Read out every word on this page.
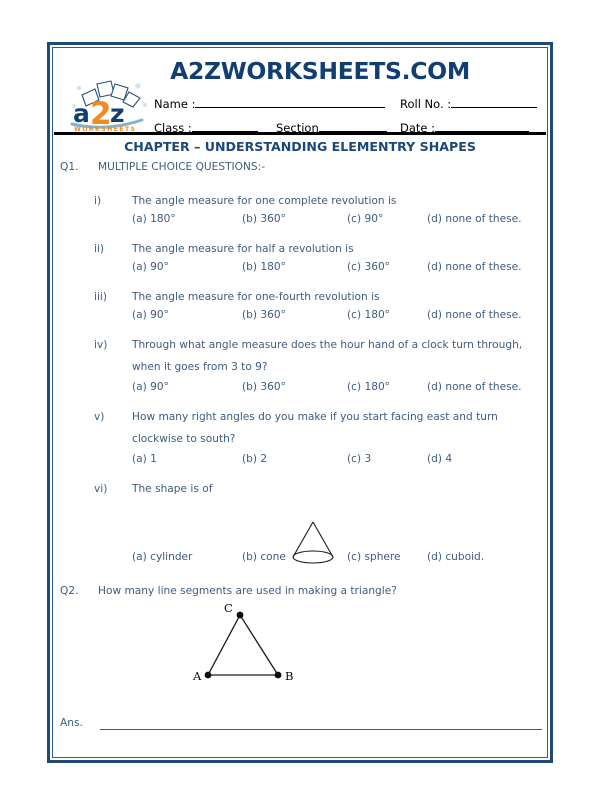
A2ZWORKSHEETS.COM
a 2
z
WORKSHEETS
Name :	Roll No. :
Class :	Section	Date :
CHAPTER – UNDERSTANDING ELEMENTRY SHAPES
Q1. MULTIPLE CHOICE QUESTIONS:-
i)	The angle measure for one complete revolution is
(a) 180°	(b) 360°	(c) 90°	(d) none of these.
ii)	The angle measure for half a revolution is
(a) 90°	(b) 180°	(c) 360°	(d) none of these.
iii) The angle measure for one-fourth revolution is
(a) 90°	(b) 360°	(c) 180°	(d) none of these.
iv) Through what angle measure does the hour hand of a clock turn through,
when it goes from 3 to 9?
(a) 90°	(b) 360°	(c) 180°	(d) none of these.
v)	How many right angles do you make if you start facing east and turn
clockwise to south?
(a) 1	(b) 2	(c) 3	(d) 4
vi) The shape is of
(a) cylinder	(b) cone	(c) sphere (d) cuboid.
Q2. How many line segments are used in making a triangle?
A	B
C
Ans.
